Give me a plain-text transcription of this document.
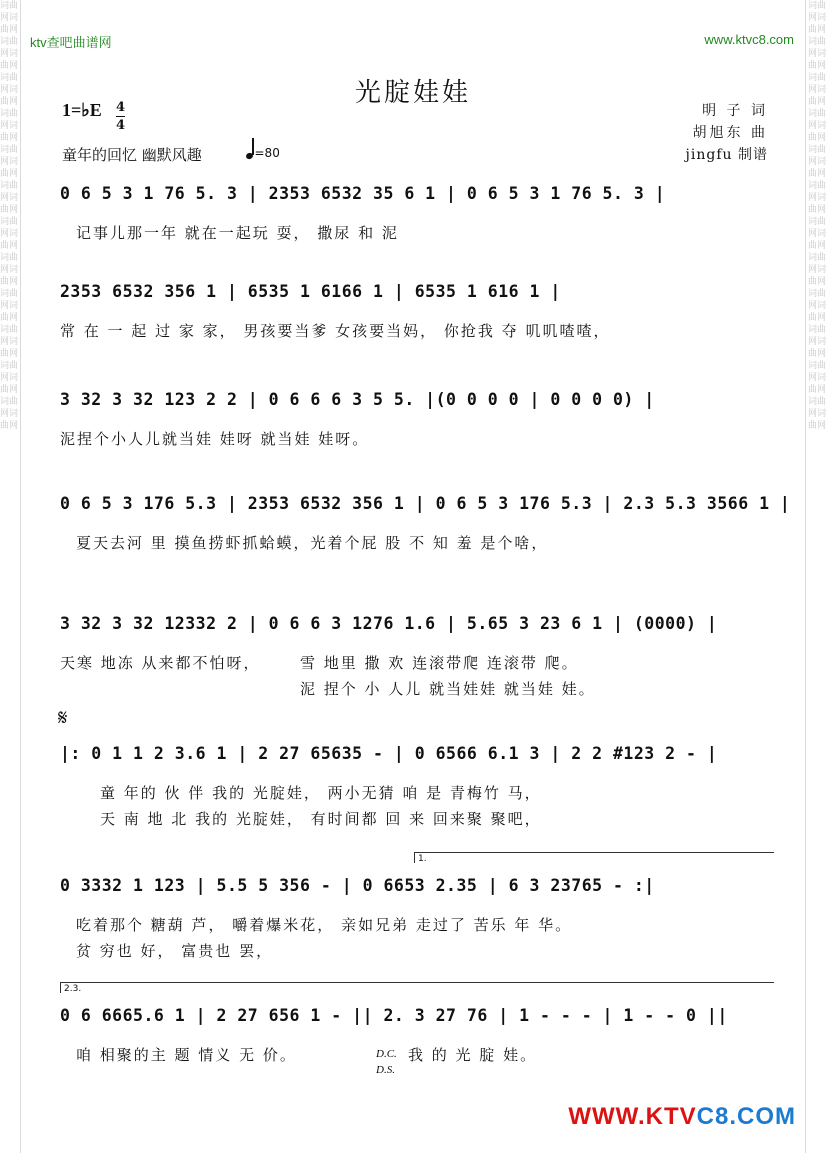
词曲网词曲网词曲网词曲网词曲网词曲网词曲网词曲网词曲网词曲网词曲网词曲网词曲网词曲网词曲网词曲网词曲网词曲网词曲网词曲网词曲网词曲网词曲网词曲网
词曲网词曲网词曲网词曲网词曲网词曲网词曲网词曲网词曲网词曲网词曲网词曲网词曲网词曲网词曲网词曲网词曲网词曲网词曲网词曲网词曲网词曲网词曲网词曲网
ktv查吧曲谱网	www.ktvc8.com
光腚娃娃
1=♭E 4
4
明 子 词
胡旭东 曲
jingfu 制谱
童年的回忆 幽默风趣	=80
0 6 5 3 1 76 5. 3 | 2353 6532 35 6 1 | 0 6 5 3 1 76 5. 3 |
记事儿那一年 就在一起玩 耍， 撒尿 和 泥
2353 6532 356 1 | 6535 1 6166 1 | 6535 1 616 1 |
常 在 一 起 过 家 家， 男孩要当爹 女孩要当妈， 你抢我 夺 叽叽喳喳，
3 32 3 32 123 2 2 | 0 6 6 6 3 5 5. |(0 0 0 0 | 0 0 0 0) |
泥捏个小人儿就当娃 娃呀 就当娃 娃呀。
0 6 5 3 176 5.3 | 2353 6532 356 1 | 0 6 5 3 176 5.3 | 2.3 5.3 3566 1 |
夏天去河 里 摸鱼捞虾抓蛤蟆，光着个屁 股 不 知 羞 是个啥，
3 32 3 32 12332 2 | 0 6 6 3 1276 1.6 | 5.65 3 23 6 1 | (0000) |
天寒 地冻 从来都不怕呀，	雪 地里 撒 欢 连滚带爬 连滚带 爬。
泥 捏个 小 人儿 就当娃娃 就当娃 娃。
𝄋
|: 0 1 1 2 3.6 1 | 2 27 65635 - | 0 6566 6.1 3 | 2 2 #123 2 - |
童 年的 伙 伴 我的 光腚娃， 两小无猜 咱 是 青梅竹 马，
天 南 地 北 我的 光腚娃， 有时间都 回 来 回来聚 聚吧，
1.
0 3332 1 123 | 5.5 5 356 - | 0 6653 2.35 | 6 3 23765 - :|
吃着那个 糖葫 芦， 嚼着爆米花， 亲如兄弟 走过了 苦乐 年 华。
贫 穷也 好， 富贵也 罢，
2.3.
0 6 6665.6 1 | 2 27 656 1 - || 2. 3 27 76 | 1 - - - | 1 - - 0 ||
咱 相聚的主 题 情义 无 价。	D.C.
D.S.
我 的 光 腚 娃。
WWW.KTVC8.COM
